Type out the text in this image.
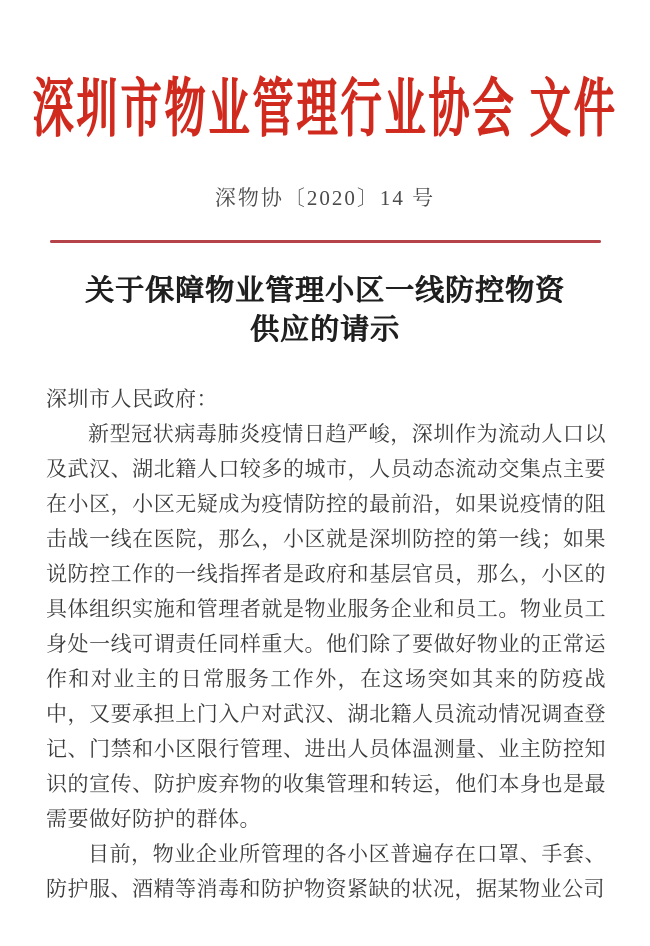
深圳市物业管理行业协会 文件
深物协〔2020〕14 号
关于保障物业管理小区一线防控物资
供应的请示

深圳市人民政府：

新型冠状病毒肺炎疫情日趋严峻，深圳作为流动人口以及武汉、湖北籍人口较多的城市，人员动态流动交集点主要在小区，小区无疑成为疫情防控的最前沿，如果说疫情的阻击战一线在医院，那么，小区就是深圳防控的第一线；如果说防控工作的一线指挥者是政府和基层官员，那么，小区的具体组织实施和管理者就是物业服务企业和员工。物业员工身处一线可谓责任同样重大。他们除了要做好物业的正常运作和对业主的日常服务工作外，在这场突如其来的防疫战中，又要承担上门入户对武汉、湖北籍人员流动情况调查登记、门禁和小区限行管理、进出人员体温测量、业主防控知识的宣传、防护废弃物的收集管理和转运，他们本身也是最需要做好防护的群体。

目前，物业企业所管理的各小区普遍存在口罩、手套、防护服、酒精等消毒和防护物资紧缺的状况，据某物业公司
